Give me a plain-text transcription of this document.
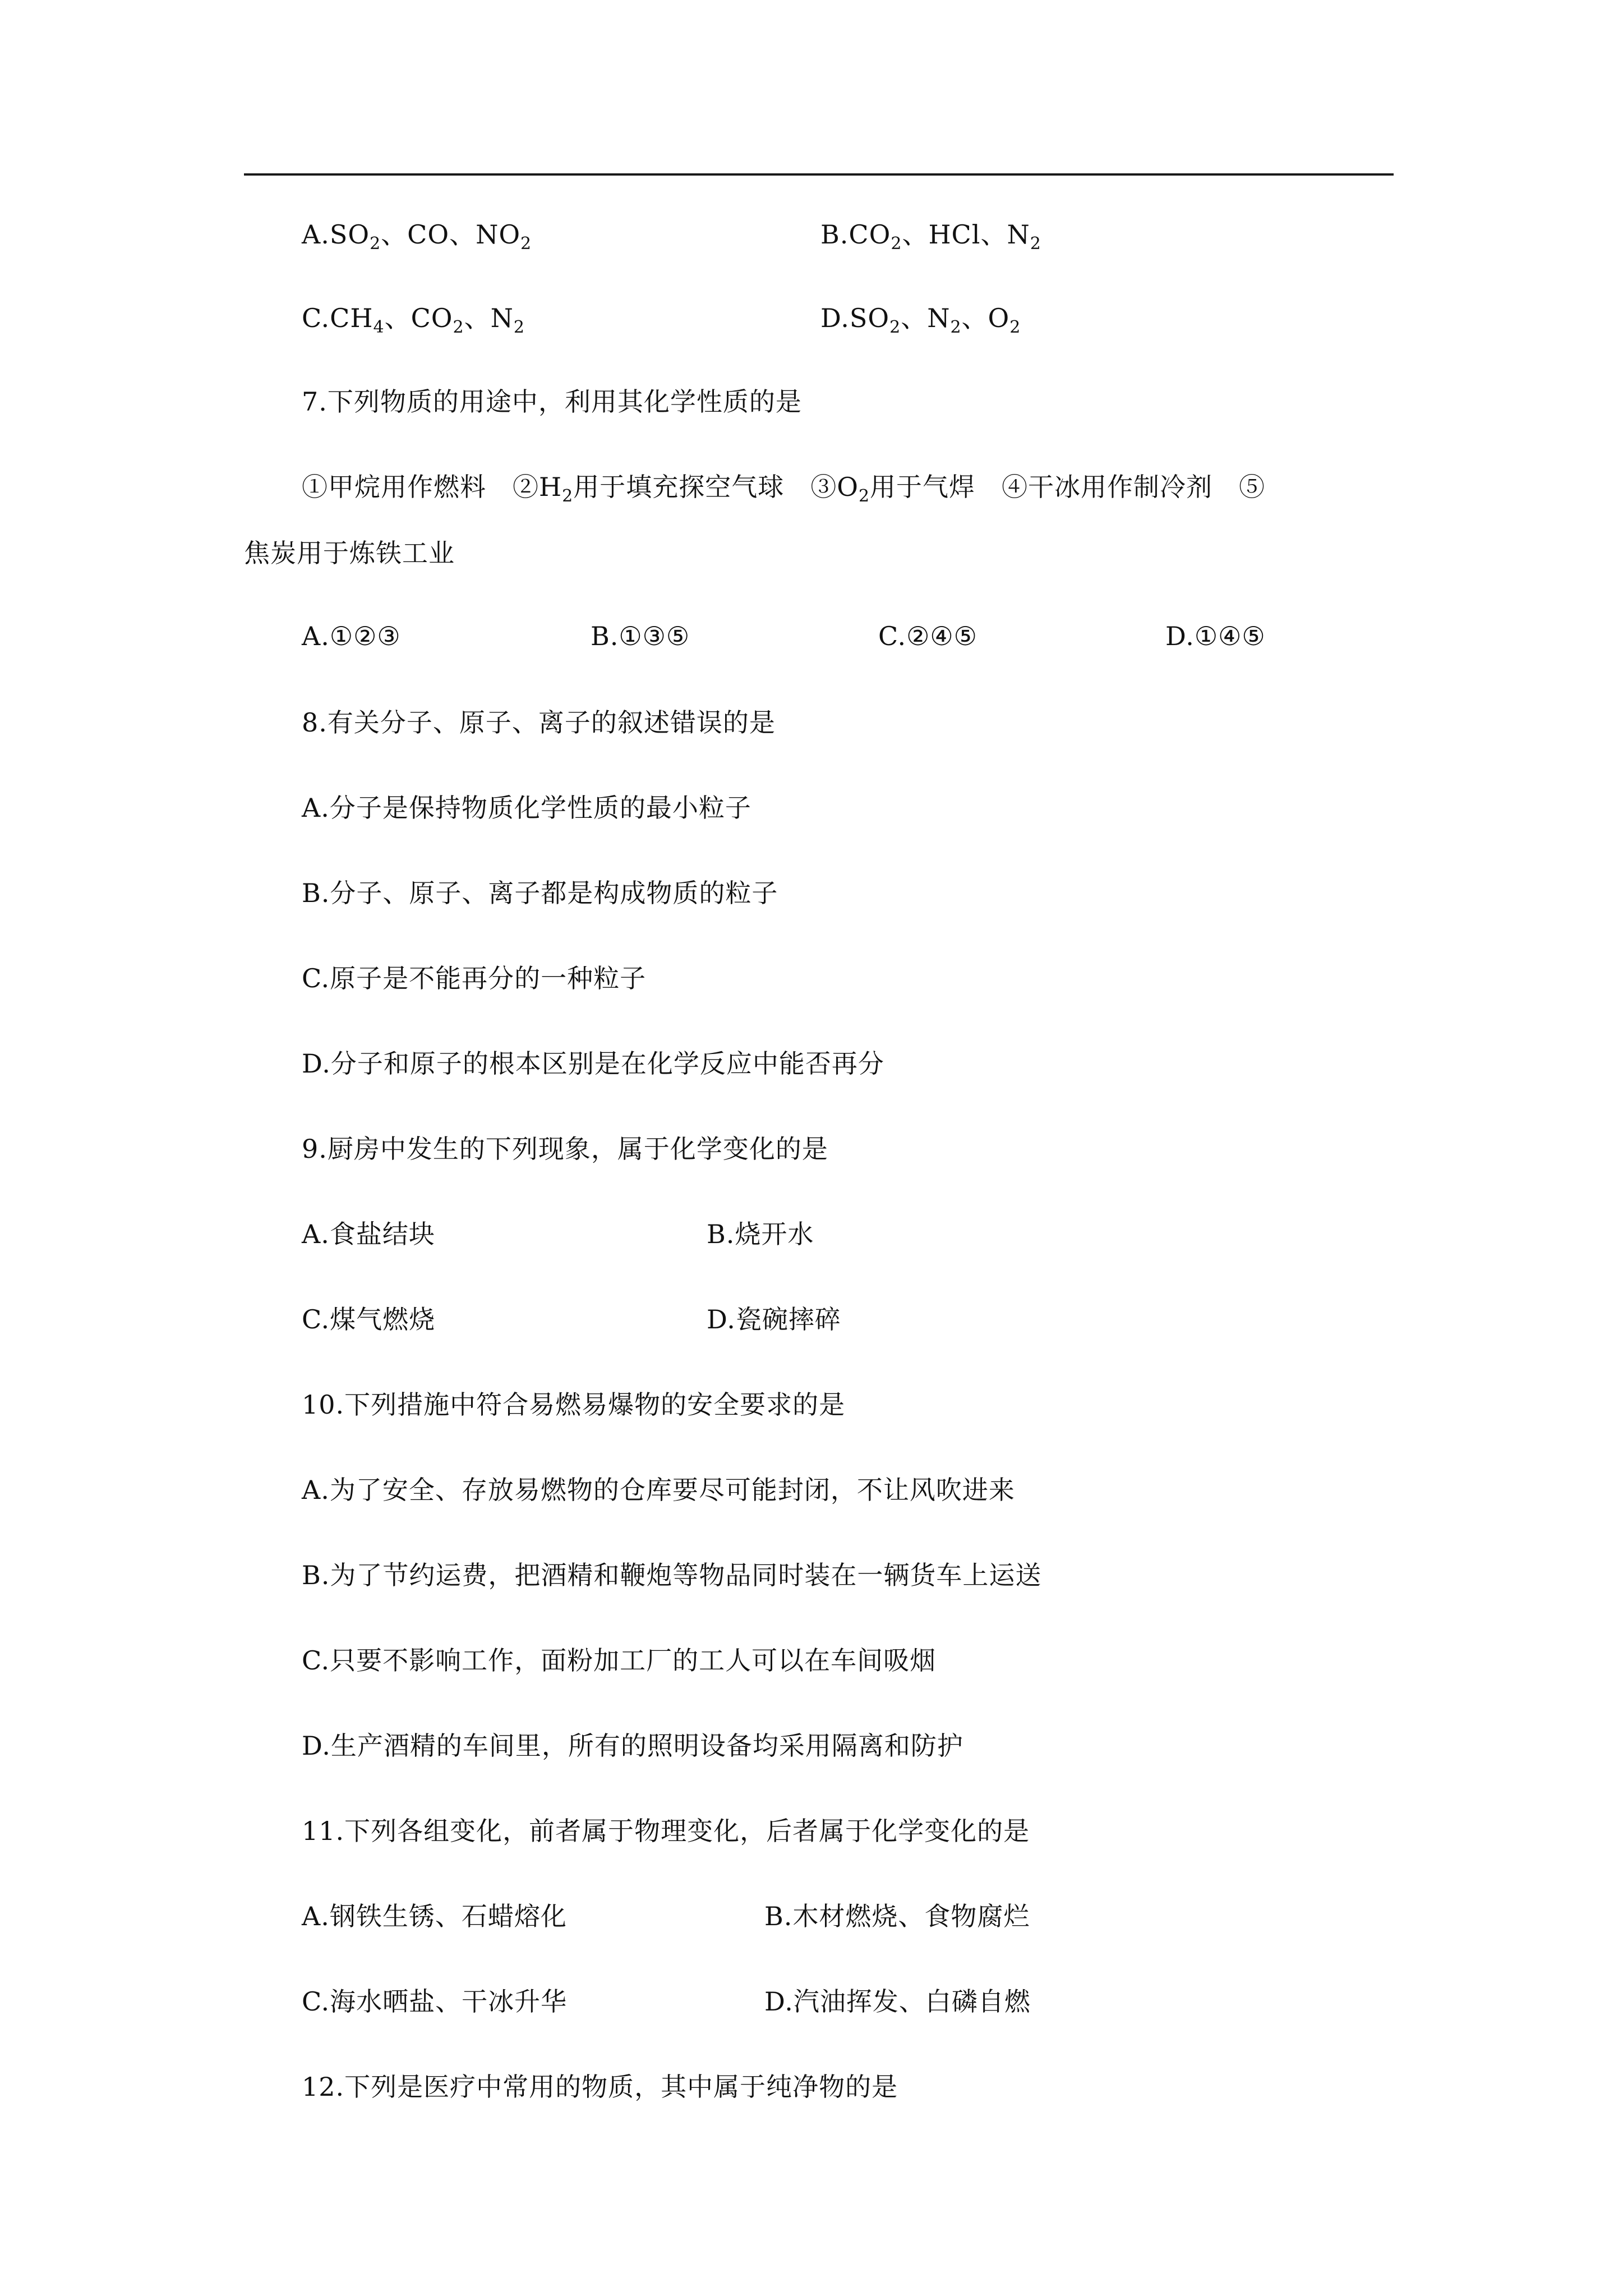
$A.SO_2$、CO、$NO_2$	$B.CO_2$、HCl、$N_2$
$C.CH_4$、$CO_2$、$N_2$	$D.SO_2$、$N_2$、$O_2$
7.下列物质的用途中，利用其化学性质的是
①甲烷用作燃料　$②H_2$用于填充探空气球　$③O_2$用于气焊　④干冰用作制冷剂　⑤
焦炭用于炼铁工业
A.①②③	B.①③⑤	C.②④⑤	D.①④⑤
8.有关分子、原子、离子的叙述错误的是
A.分子是保持物质化学性质的最小粒子
B.分子、原子、离子都是构成物质的粒子
C.原子是不能再分的一种粒子
D.分子和原子的根本区别是在化学反应中能否再分
9.厨房中发生的下列现象，属于化学变化的是
A.食盐结块	B.烧开水
C.煤气燃烧	D.瓷碗摔碎
10.下列措施中符合易燃易爆物的安全要求的是
A.为了安全、存放易燃物的仓库要尽可能封闭，不让风吹进来
B.为了节约运费，把酒精和鞭炮等物品同时装在一辆货车上运送
C.只要不影响工作，面粉加工厂的工人可以在车间吸烟
D.生产酒精的车间里，所有的照明设备均采用隔离和防护
11.下列各组变化，前者属于物理变化，后者属于化学变化的是
A.钢铁生锈、石蜡熔化	B.木材燃烧、食物腐烂
C.海水晒盐、干冰升华	D.汽油挥发、白磷自燃
12.下列是医疗中常用的物质，其中属于纯净物的是
